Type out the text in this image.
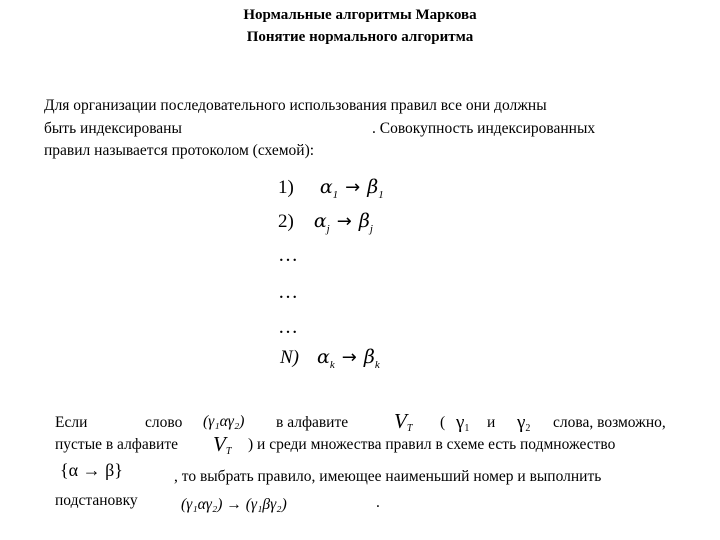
Нормальные алгоритмы Маркова
Понятие нормального алгоритма
Для организации последовательного использования правил все они должны
быть индексированы	. Совокупность индексированных
правил называется протоколом (схемой):
1) $\alpha_1 \to \beta_1$
2) $\alpha_j \to \beta_j$
…
…
…
N) $\alpha_k \to \beta_k$
Если	слово (γ₁αγ₂) в алфавите VT ( γ1 и γ2 слова, возможно,
пустые в алфавите VT ) и среди множества правил в схеме есть подмножество
{α → β}	, то выбрать правило, имеющее наименьший номер и выполнить
подстановку	(γ₁αγ₂) → (γ₁βγ₂)	.
